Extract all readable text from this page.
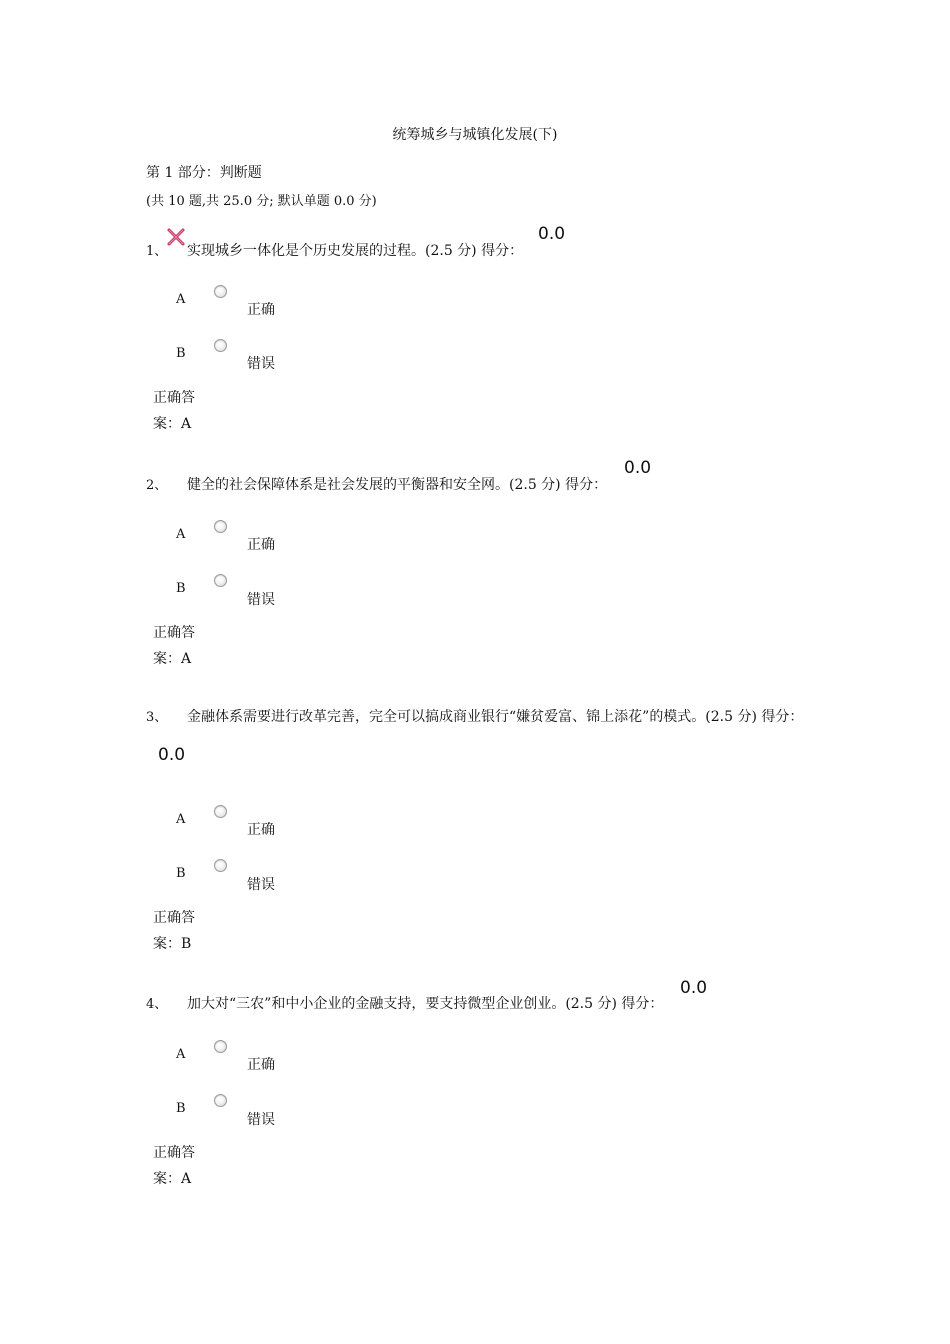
统筹城乡与城镇化发展(下)
第 1 部分：判断题
(共 10 题,共 25.0 分; 默认单题 0.0 分)
1、 实现城乡一体化是个历史发展的过程。(2.5 分) 得分：
0.0
A
正确
B
错误
正确答
案：A
2、 健全的社会保障体系是社会发展的平衡器和安全网。(2.5 分) 得分：
0.0
A
正确
B
错误
正确答
案：A
3、 金融体系需要进行改革完善，完全可以搞成商业银行“嫌贫爱富、锦上添花”的模式。(2.5 分) 得分：
0.0
A
正确
B
错误
正确答
案：B
4、 加大对“三农”和中小企业的金融支持，要支持微型企业创业。(2.5 分) 得分：
0.0
A
正确
B
错误
正确答
案：A
